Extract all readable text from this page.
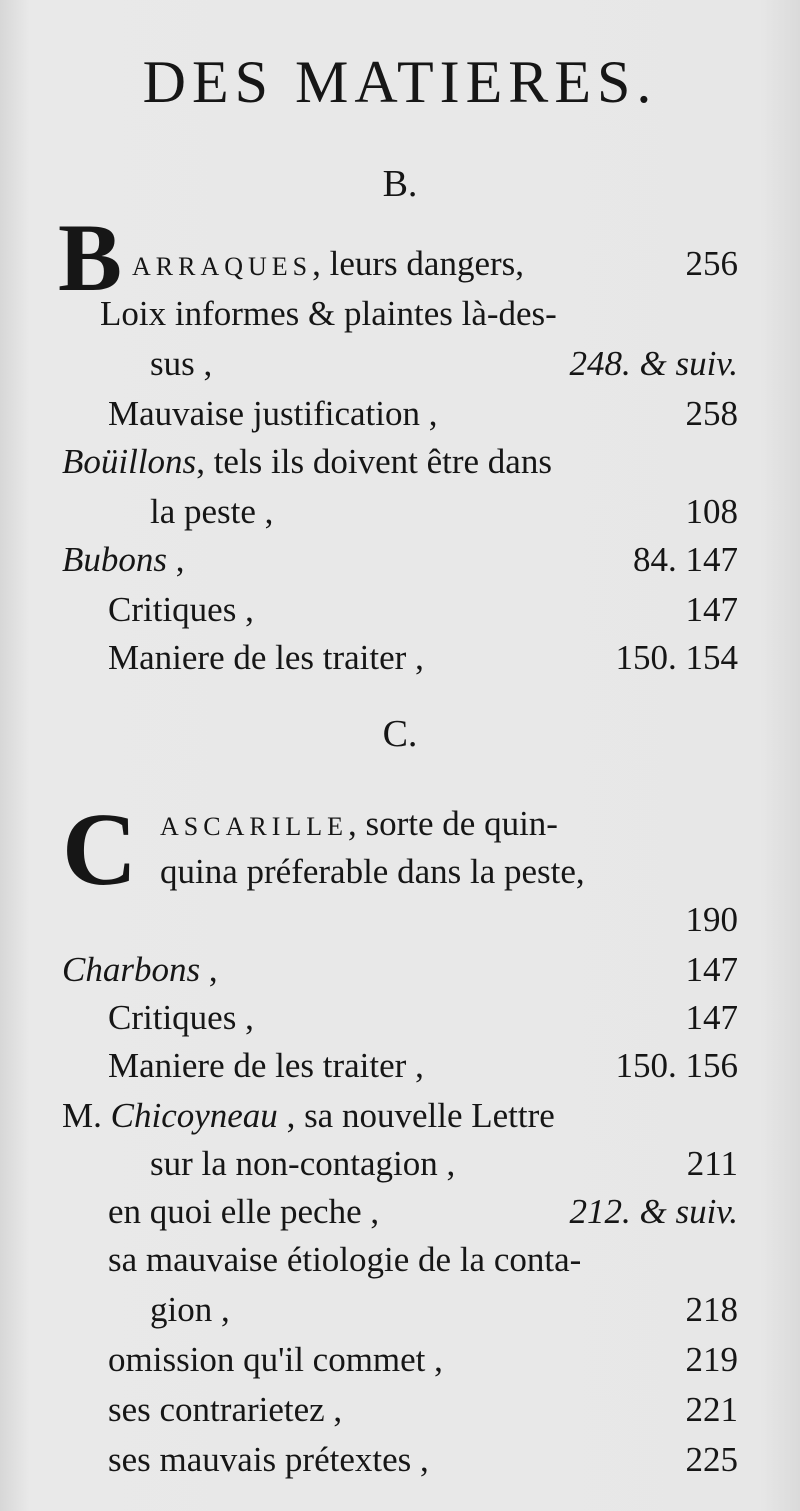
DES MATIERES.
B.
B ARRAQUES, leurs dangers,	256
Loix informes & plaintes là-des-
sus ,	248. & suiv.
Mauvaise justification ,	258
Boüillons, tels ils doivent être dans
la peste ,	108
Bubons ,	84. 147
Critiques ,	147
Maniere de les traiter ,	150. 154
C.
C ASCARILLE, sorte de quin-
quina préferable dans la peste,
190
Charbons ,	147
Critiques ,	147
Maniere de les traiter ,	150. 156
M. Chicoyneau , sa nouvelle Lettre
sur la non-contagion ,	211
en quoi elle peche ,	212. & suiv.
sa mauvaise étiologie de la conta-
gion ,	218
omission qu'il commet ,	219
ses contrarietez ,	221
ses mauvais prétextes ,	225
